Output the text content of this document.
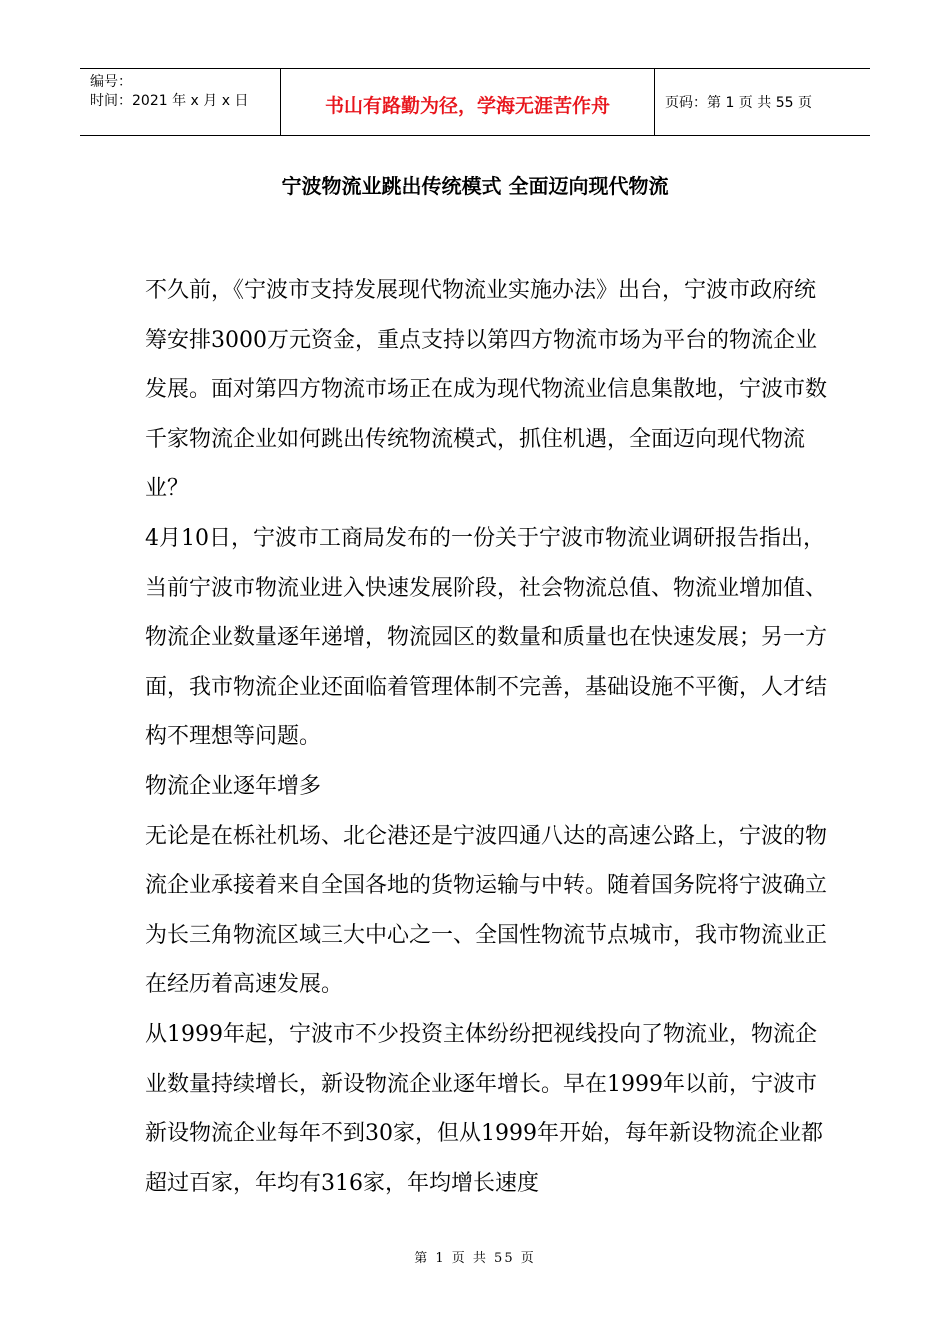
编号：
时间：2021 年 x 月 x 日	书山有路勤为径，学海无涯苦作舟	页码：第 1 页 共 55 页
宁波物流业跳出传统模式 全面迈向现代物流

不久前，《宁波市支持发展现代物流业实施办法》出台，宁波市政府统筹安排3000万元资金，重点支持以第四方物流市场为平台的物流企业发展。面对第四方物流市场正在成为现代物流业信息集散地，宁波市数千家物流企业如何跳出传统物流模式，抓住机遇，全面迈向现代物流业？

4月10日，宁波市工商局发布的一份关于宁波市物流业调研报告指出，当前宁波市物流业进入快速发展阶段，社会物流总值、物流业增加值、物流企业数量逐年递增，物流园区的数量和质量也在快速发展；另一方面，我市物流企业还面临着管理体制不完善，基础设施不平衡，人才结构不理想等问题。

物流企业逐年增多

无论是在栎社机场、北仑港还是宁波四通八达的高速公路上，宁波的物流企业承接着来自全国各地的货物运输与中转。随着国务院将宁波确立为长三角物流区域三大中心之一、全国性物流节点城市，我市物流业正在经历着高速发展。

从1999年起，宁波市不少投资主体纷纷把视线投向了物流业，物流企业数量持续增长，新设物流企业逐年增长。早在1999年以前，宁波市新设物流企业每年不到30家，但从1999年开始，每年新设物流企业都超过百家，年均有316家，年均增长速度

第 1 页 共 55 页
